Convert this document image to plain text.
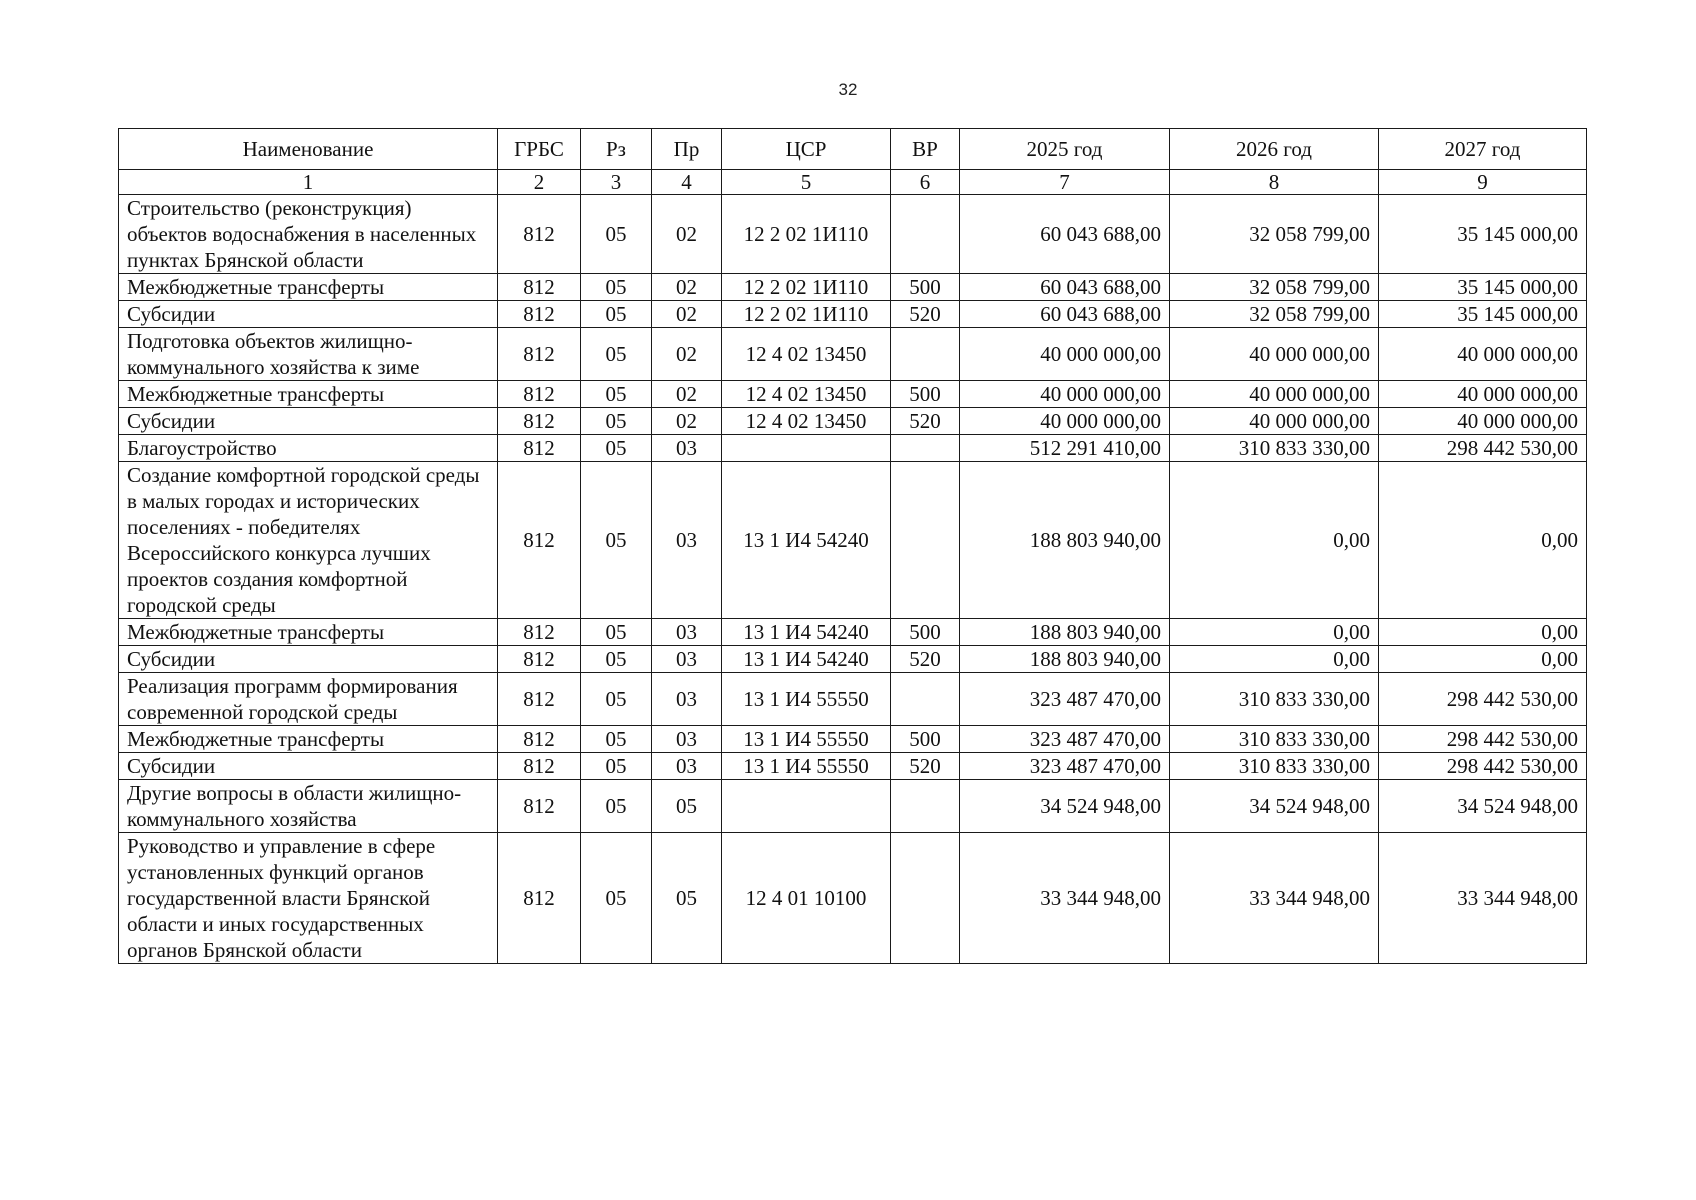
32
Наименование	ГРБС	Рз	Пр	ЦСР	ВР	2025 год	2026 год	2027 год
1	2	3	4	5	6	7	8	9
Строительство (реконструкция) объектов водоснабжения в населенных пунктах Брянской области	812	05	02	12 2 02 1И110		60 043 688,00	32 058 799,00	35 145 000,00
Межбюджетные трансферты	812	05	02	12 2 02 1И110	500	60 043 688,00	32 058 799,00	35 145 000,00
Субсидии	812	05	02	12 2 02 1И110	520	60 043 688,00	32 058 799,00	35 145 000,00
Подготовка объектов жилищно-коммунального хозяйства к зиме	812	05	02	12 4 02 13450		40 000 000,00	40 000 000,00	40 000 000,00
Межбюджетные трансферты	812	05	02	12 4 02 13450	500	40 000 000,00	40 000 000,00	40 000 000,00
Субсидии	812	05	02	12 4 02 13450	520	40 000 000,00	40 000 000,00	40 000 000,00
Благоустройство	812	05	03			512 291 410,00	310 833 330,00	298 442 530,00
Создание комфортной городской среды в малых городах и исторических поселениях - победителях Всероссийского конкурса лучших проектов создания комфортной городской среды	812	05	03	13 1 И4 54240		188 803 940,00	0,00	0,00
Межбюджетные трансферты	812	05	03	13 1 И4 54240	500	188 803 940,00	0,00	0,00
Субсидии	812	05	03	13 1 И4 54240	520	188 803 940,00	0,00	0,00
Реализация программ формирования современной городской среды	812	05	03	13 1 И4 55550		323 487 470,00	310 833 330,00	298 442 530,00
Межбюджетные трансферты	812	05	03	13 1 И4 55550	500	323 487 470,00	310 833 330,00	298 442 530,00
Субсидии	812	05	03	13 1 И4 55550	520	323 487 470,00	310 833 330,00	298 442 530,00
Другие вопросы в области жилищно-коммунального хозяйства	812	05	05			34 524 948,00	34 524 948,00	34 524 948,00
Руководство и управление в сфере установленных функций органов государственной власти Брянской области и иных государственных органов Брянской области	812	05	05	12 4 01 10100		33 344 948,00	33 344 948,00	33 344 948,00
